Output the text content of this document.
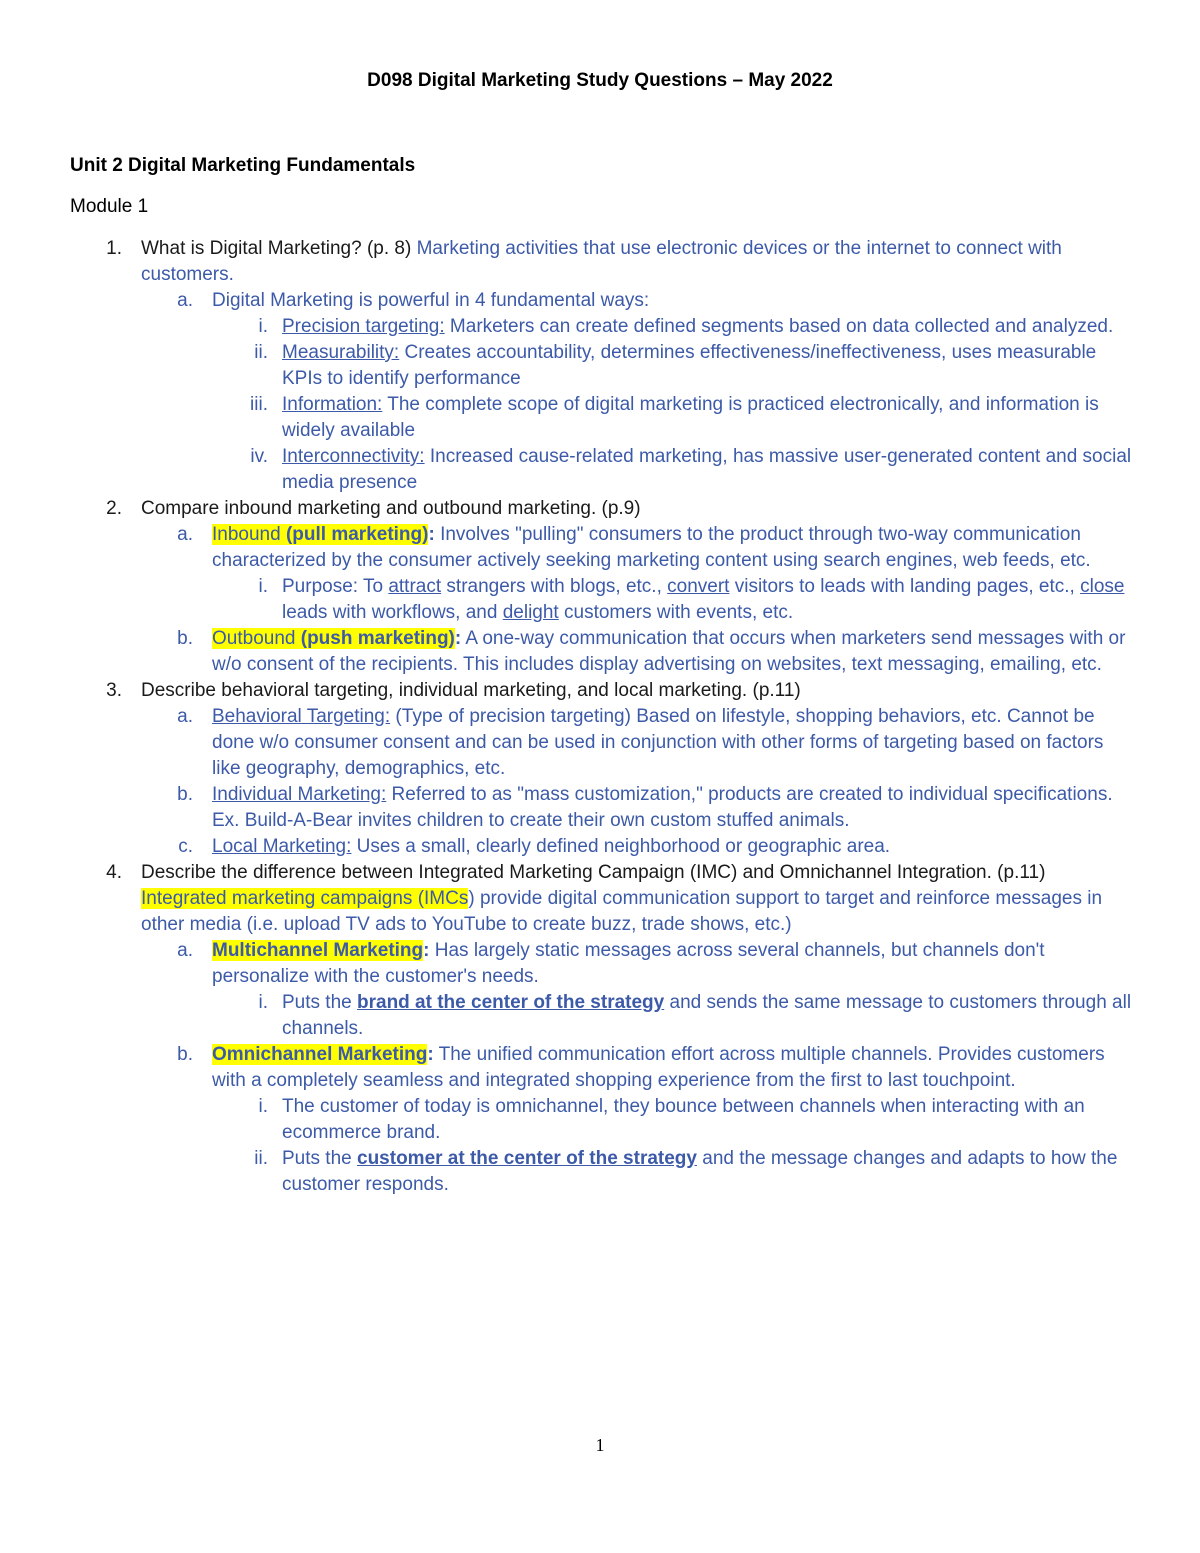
D098 Digital Marketing Study Questions – May 2022
Unit 2 Digital Marketing Fundamentals
Module 1
1. What is Digital Marketing? (p. 8) Marketing activities that use electronic devices or the internet to connect with customers.
a. Digital Marketing is powerful in 4 fundamental ways:
i. Precision targeting: Marketers can create defined segments based on data collected and analyzed.
ii. Measurability: Creates accountability, determines effectiveness/ineffectiveness, uses measurable KPIs to identify performance
iii. Information: The complete scope of digital marketing is practiced electronically, and information is widely available
iv. Interconnectivity: Increased cause-related marketing, has massive user-generated content and social media presence
2. Compare inbound marketing and outbound marketing. (p.9)
a. Inbound (pull marketing): Involves "pulling" consumers to the product through two-way communication characterized by the consumer actively seeking marketing content using search engines, web feeds, etc.
i. Purpose: To attract strangers with blogs, etc., convert visitors to leads with landing pages, etc., close leads with workflows, and delight customers with events, etc.
b. Outbound (push marketing): A one-way communication that occurs when marketers send messages with or w/o consent of the recipients. This includes display advertising on websites, text messaging, emailing, etc.
3. Describe behavioral targeting, individual marketing, and local marketing. (p.11)
a. Behavioral Targeting: (Type of precision targeting) Based on lifestyle, shopping behaviors, etc. Cannot be done w/o consumer consent and can be used in conjunction with other forms of targeting based on factors like geography, demographics, etc.
b. Individual Marketing: Referred to as "mass customization," products are created to individual specifications. Ex. Build-A-Bear invites children to create their own custom stuffed animals.
c. Local Marketing: Uses a small, clearly defined neighborhood or geographic area.
4. Describe the difference between Integrated Marketing Campaign (IMC) and Omnichannel Integration. (p.11)
Integrated marketing campaigns (IMCs) provide digital communication support to target and reinforce messages in other media (i.e. upload TV ads to YouTube to create buzz, trade shows, etc.)
a. Multichannel Marketing: Has largely static messages across several channels, but channels don't personalize with the customer's needs.
i. Puts the brand at the center of the strategy and sends the same message to customers through all channels.
b. Omnichannel Marketing: The unified communication effort across multiple channels. Provides customers with a completely seamless and integrated shopping experience from the first to last touchpoint.
i. The customer of today is omnichannel, they bounce between channels when interacting with an ecommerce brand.
ii. Puts the customer at the center of the strategy and the message changes and adapts to how the customer responds.
1
